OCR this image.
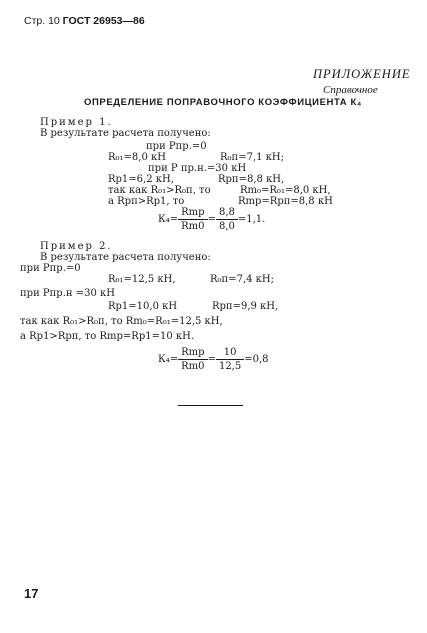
Стр. 10 ГОСТ 26953—86
ПРИЛОЖЕНИЕ
Справочное
ОПРЕДЕЛЕНИЕ ПОПРАВОЧНОГО КОЭФФИЦИЕНТА К₄
Пример 1.
В результате расчета получено:
при Рпр.=0
R₀₁=8,0 кН	R₀п=7,1 кН;
при Р пр.н.=30 кН
Rр1=6,2 кН,	Rрп=8,8 кН,
так как R₀₁>R₀п, то	Rm₀=R₀₁=8,0 кН,
а Rрп>Rр1, то	Rmр=Rрп=8,8 кН
$К_4= \frac{\text{Rmp}}{Rm0} = \frac{8,8}{8,0} =1,1$.
Пример 2.
В результате расчета получено:
при Рпр.=0
R₀₁=12,5 кН,	R₀п=7,4 кН;
при Рпр.н =30 кН
Rр1=10,0 кН	Rрп=9,9 кН,
так как R₀₁>R₀п, то Rm₀=R₀₁=12,5 кН,
а Rр1>Rрп, то Rmр=Rр1=10 кН.
$К_4= \frac{\text{Rmp}}{Rm0} = \frac{10}{12,5} =0,8$
17
